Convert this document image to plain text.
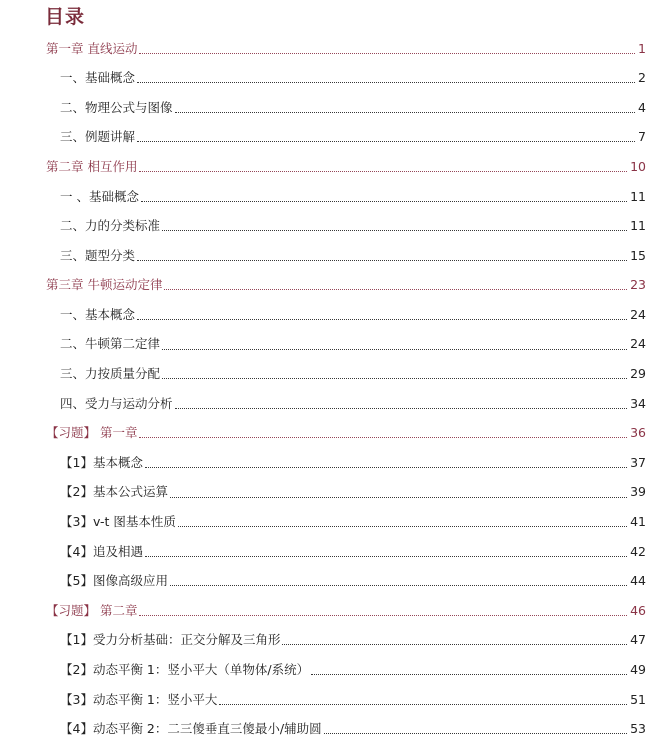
目录
第一章 直线运动	1
一、基础概念	2
二、物理公式与图像	4
三、例题讲解	7
第二章 相互作用	10
一 、基础概念	11
二、力的分类标准	11
三、题型分类	15
第三章 牛顿运动定律	23
一、基本概念	24
二、牛顿第二定律	24
三、力按质量分配	29
四、受力与运动分析	34
【习题】 第一章	36
【1】基本概念	37
【2】基本公式运算	39
【3】v-t 图基本性质	41
【4】追及相遇	42
【5】图像高级应用	44
【习题】 第二章	46
【1】受力分析基础：正交分解及三角形	47
【2】动态平衡 1：竖小平大（单物体/系统）	49
【3】动态平衡 1：竖小平大	51
【4】动态平衡 2：二三傻垂直三傻最小/辅助圆	53
